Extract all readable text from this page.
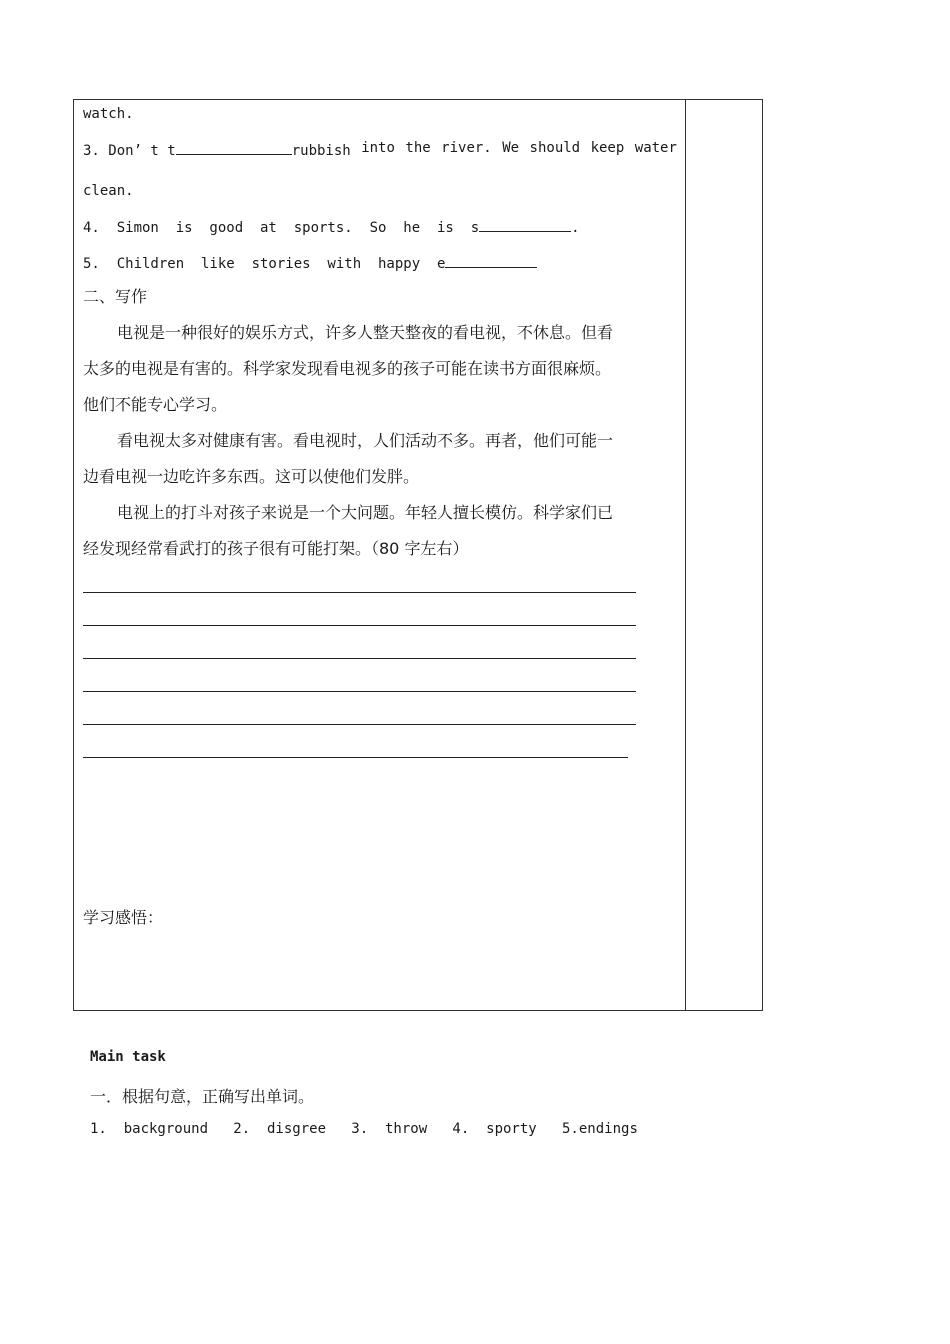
watch.
3. Don’ t t	rubbish into the river. We should keep water
clean.
4.  Simon  is  good  at  sports.  So  he  is  s	.
5.  Children  like  stories  with  happy  e
二、写作
电视是一种很好的娱乐方式，许多人整天整夜的看电视，不休息。但看
太多的电视是有害的。科学家发现看电视多的孩子可能在读书方面很麻烦。
他们不能专心学习。
看电视太多对健康有害。看电视时，人们活动不多。再者，他们可能一
边看电视一边吃许多东西。这可以使他们发胖。
电视上的打斗对孩子来说是一个大问题。年轻人擅长模仿。科学家们已
经发现经常看武打的孩子很有可能打架。（80 字左右）
学习感悟：
Main task
一．根据句意，正确写出单词。
1.  background   2.  disgree   3.  throw   4.  sporty   5.endings
